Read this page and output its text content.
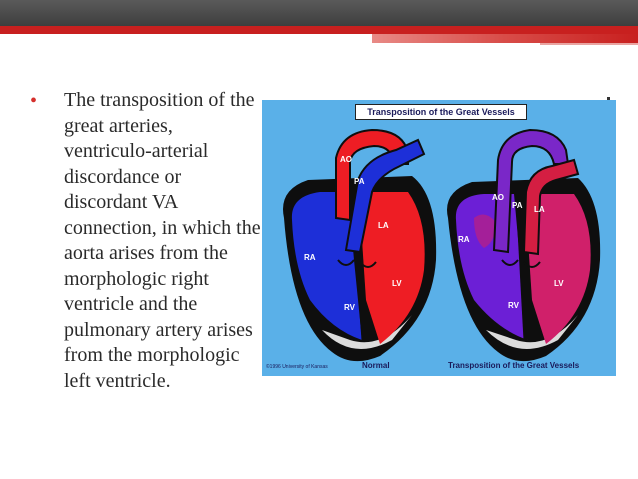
• The transposition of the great arteries, ventriculo-arterial discordance or discordant VA connection, in which the aorta arises from the morphologic right ventricle and the pulmonary artery arises from the morphologic left ventricle.
AO
PA
RA
LA
RV
LV
AO
PA LA
RA
RV
LV
©1996 University of Kansas	Normal	Transposition of the Great Vessels
Transposition of the Great Vessels
